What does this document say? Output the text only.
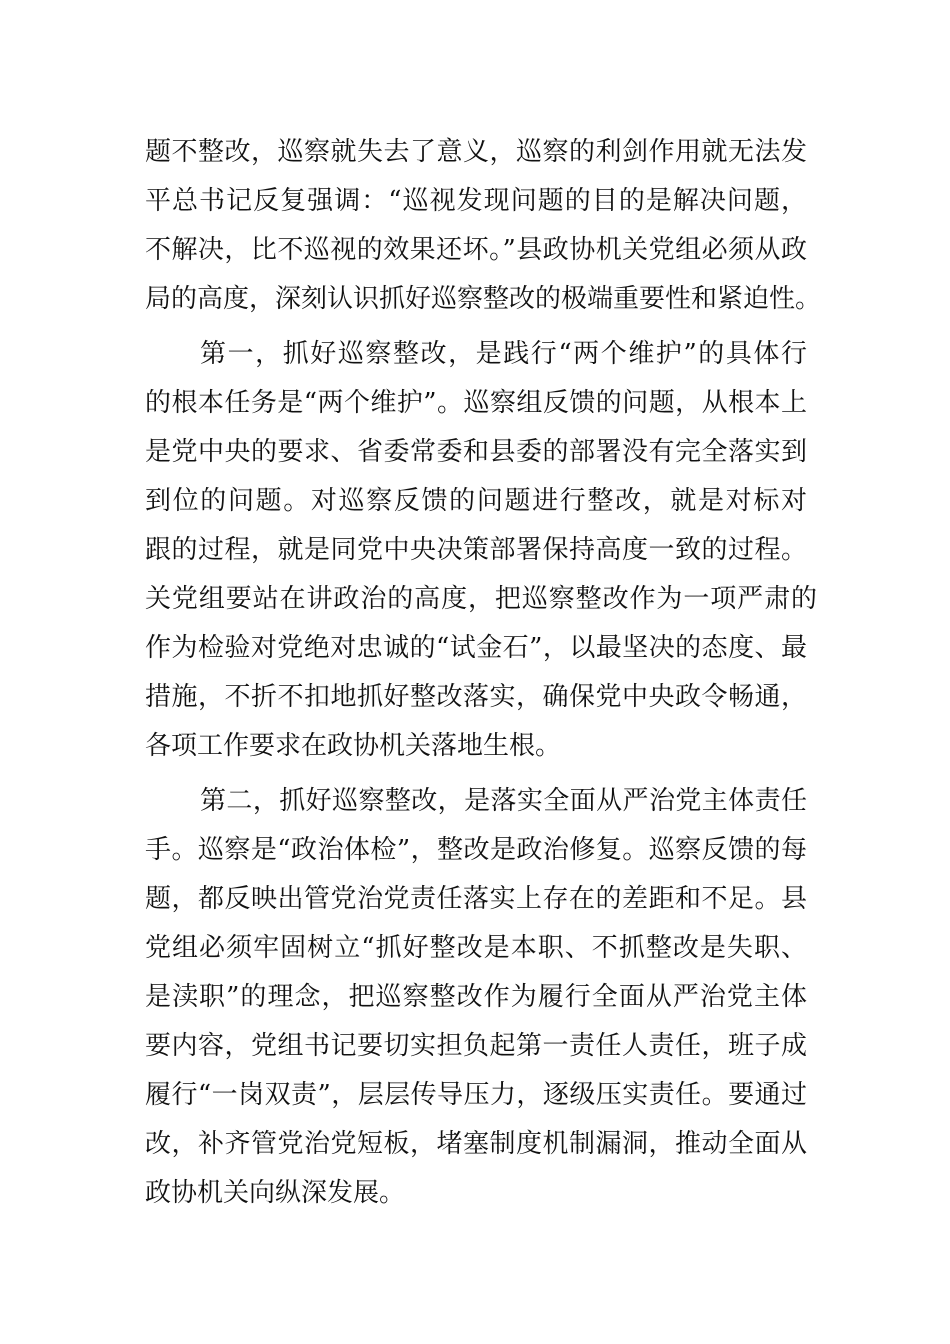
题不整改，巡察就失去了意义，巡察的利剑作用就无法发
平总书记反复强调：“巡视发现问题的目的是解决问题，
不解决，比不巡视的效果还坏。”县政协机关党组必须从政
局的高度，深刻认识抓好巡察整改的极端重要性和紧迫性。
第一，抓好巡察整改，是践行“两个维护”的具体行
的根本任务是“两个维护”。巡察组反馈的问题，从根本上
是党中央的要求、省委常委和县委的部署没有完全落实到
到位的问题。对巡察反馈的问题进行整改，就是对标对
跟的过程，就是同党中央决策部署保持高度一致的过程。
关党组要站在讲政治的高度，把巡察整改作为一项严肃的
作为检验对党绝对忠诚的“试金石”，以最坚决的态度、最
措施，不折不扣地抓好整改落实，确保党中央政令畅通，
各项工作要求在政协机关落地生根。
第二，抓好巡察整改，是落实全面从严治党主体责任
手。巡察是“政治体检”，整改是政治修复。巡察反馈的每
题，都反映出管党治党责任落实上存在的差距和不足。县
党组必须牢固树立“抓好整改是本职、不抓整改是失职、
是渎职”的理念，把巡察整改作为履行全面从严治党主体
要内容，党组书记要切实担负起第一责任人责任，班子成
履行“一岗双责”，层层传导压力，逐级压实责任。要通过
改，补齐管党治党短板，堵塞制度机制漏洞，推动全面从
政协机关向纵深发展。
